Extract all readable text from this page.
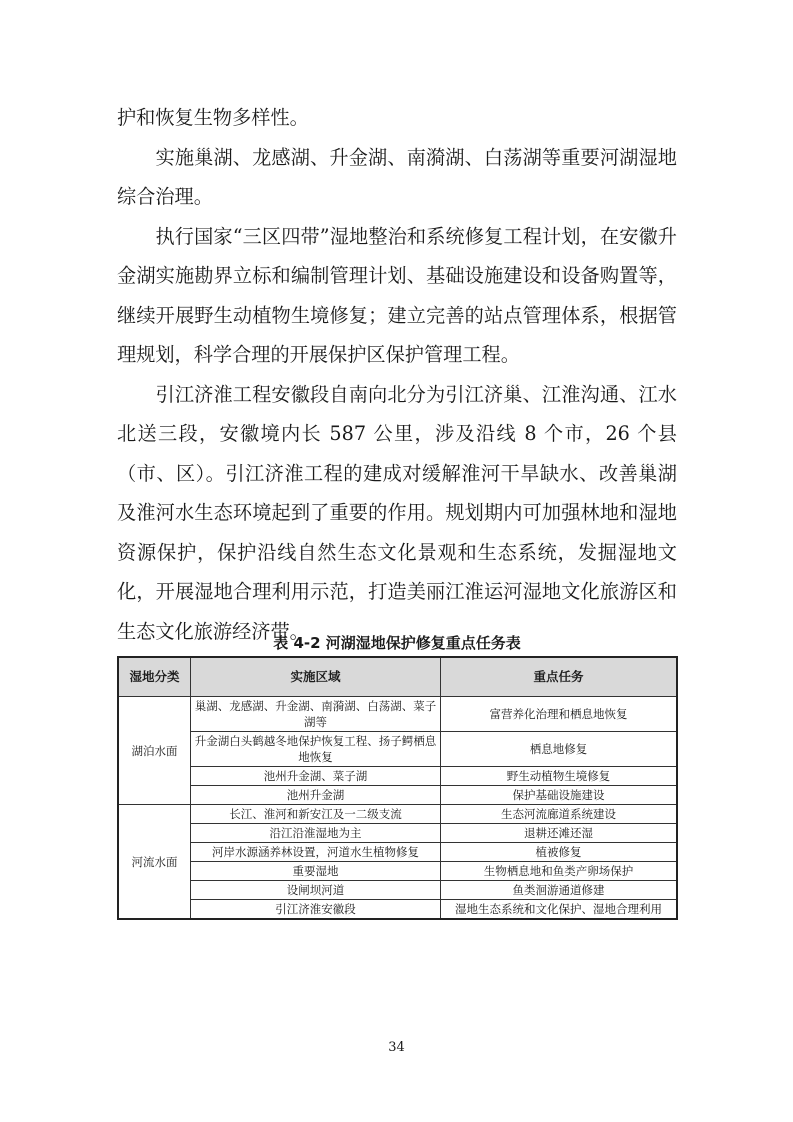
护和恢复生物多样性。

实施巢湖、龙感湖、升金湖、南漪湖、白荡湖等重要河湖湿地综合治理。

执行国家“三区四带”湿地整治和系统修复工程计划，在安徽升金湖实施勘界立标和编制管理计划、基础设施建设和设备购置等，继续开展野生动植物生境修复；建立完善的站点管理体系，根据管理规划，科学合理的开展保护区保护管理工程。

引江济淮工程安徽段自南向北分为引江济巢、江淮沟通、江水北送三段，安徽境内长 587 公里，涉及沿线 8 个市，26 个县（市、区）。引江济淮工程的建成对缓解淮河干旱缺水、改善巢湖及淮河水生态环境起到了重要的作用。规划期内可加强林地和湿地资源保护，保护沿线自然生态文化景观和生态系统，发掘湿地文化，开展湿地合理利用示范，打造美丽江淮运河湿地文化旅游区和生态文化旅游经济带。

表 4-2 河湖湿地保护修复重点任务表
湿地分类	实施区域	重点任务
湖泊水面	巢湖、龙感湖、升金湖、南漪湖、白荡湖、菜子湖等	富营养化治理和栖息地恢复
	升金湖白头鹤越冬地保护恢复工程、扬子鳄栖息地恢复	栖息地修复
	池州升金湖、菜子湖	野生动植物生境修复
	池州升金湖	保护基础设施建设
河流水面	长江、淮河和新安江及一二级支流	生态河流廊道系统建设
	沿江沿淮湿地为主	退耕还滩还湿
	河岸水源涵养林设置，河道水生植物修复	植被修复
	重要湿地	生物栖息地和鱼类产卵场保护
	设闸坝河道	鱼类洄游通道修建
	引江济淮安徽段	湿地生态系统和文化保护、湿地合理利用
34
